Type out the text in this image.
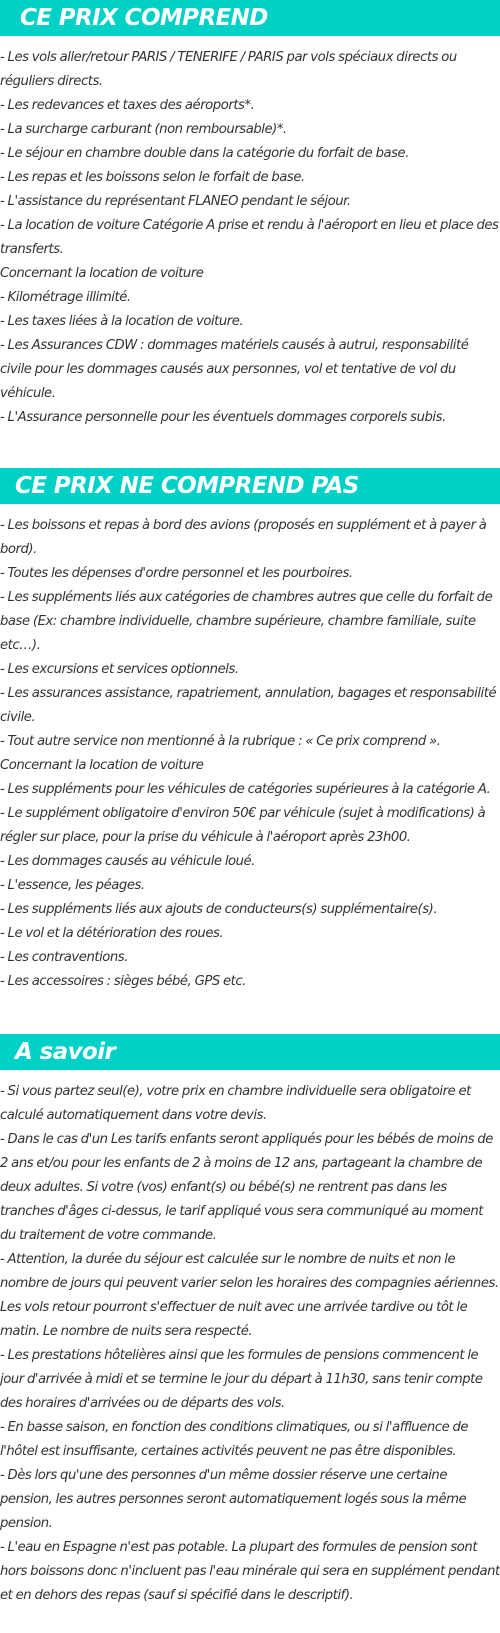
CE PRIX COMPREND

- Les vols aller/retour PARIS / TENERIFE / PARIS par vols spéciaux directs ou réguliers directs.

- Les redevances et taxes des aéroports*.

- La surcharge carburant (non remboursable)*.

- Le séjour en chambre double dans la catégorie du forfait de base.

- Les repas et les boissons selon le forfait de base.

- L'assistance du représentant FLANEO pendant le séjour.

- La location de voiture Catégorie A prise et rendu à l'aéroport en lieu et place des transferts.

Concernant la location de voiture

- Kilométrage illimité.

- Les taxes liées à la location de voiture.

- Les Assurances CDW : dommages matériels causés à autrui, responsabilité civile pour les dommages causés aux personnes, vol et tentative de vol du véhicule.

- L'Assurance personnelle pour les éventuels dommages corporels subis.

CE PRIX NE COMPREND PAS

- Les boissons et repas à bord des avions (proposés en supplément et à payer à bord).

- Toutes les dépenses d'ordre personnel et les pourboires.

- Les suppléments liés aux catégories de chambres autres que celle du forfait de base (Ex: chambre individuelle, chambre supérieure, chambre familiale, suite etc…).

- Les excursions et services optionnels.

- Les assurances assistance, rapatriement, annulation, bagages et responsabilité civile.

- Tout autre service non mentionné à la rubrique : « Ce prix comprend ».

Concernant la location de voiture

- Les suppléments pour les véhicules de catégories supérieures à la catégorie A.

- Le supplément obligatoire d'environ 50€ par véhicule (sujet à modifications) à régler sur place, pour la prise du véhicule à l'aéroport après 23h00.

- Les dommages causés au véhicule loué.

- L'essence, les péages.

- Les suppléments liés aux ajouts de conducteurs(s) supplémentaire(s).

- Le vol et la détérioration des roues.

- Les contraventions.

- Les accessoires : sièges bébé, GPS etc.

A savoir

- Si vous partez seul(e), votre prix en chambre individuelle sera obligatoire et calculé automatiquement dans votre devis.

- Dans le cas d'un Les tarifs enfants seront appliqués pour les bébés de moins de 2 ans et/ou pour les enfants de 2 à moins de 12 ans, partageant la chambre de deux adultes. Si votre (vos) enfant(s) ou bébé(s) ne rentrent pas dans les tranches d'âges ci-dessus, le tarif appliqué vous sera communiqué au moment du traitement de votre commande.

- Attention, la durée du séjour est calculée sur le nombre de nuits et non le nombre de jours qui peuvent varier selon les horaires des compagnies aériennes. Les vols retour pourront s'effectuer de nuit avec une arrivée tardive ou tôt le matin. Le nombre de nuits sera respecté.

- Les prestations hôtelières ainsi que les formules de pensions commencent le jour d'arrivée à midi et se termine le jour du départ à 11h30, sans tenir compte des horaires d'arrivées ou de départs des vols.

- En basse saison, en fonction des conditions climatiques, ou si l'affluence de l'hôtel est insuffisante, certaines activités peuvent ne pas être disponibles.

- Dès lors qu'une des personnes d'un même dossier réserve une certaine pension, les autres personnes seront automatiquement logés sous la même pension.

- L'eau en Espagne n'est pas potable. La plupart des formules de pension sont hors boissons donc n'incluent pas l'eau minérale qui sera en supplément pendant et en dehors des repas (sauf si spécifié dans le descriptif).
